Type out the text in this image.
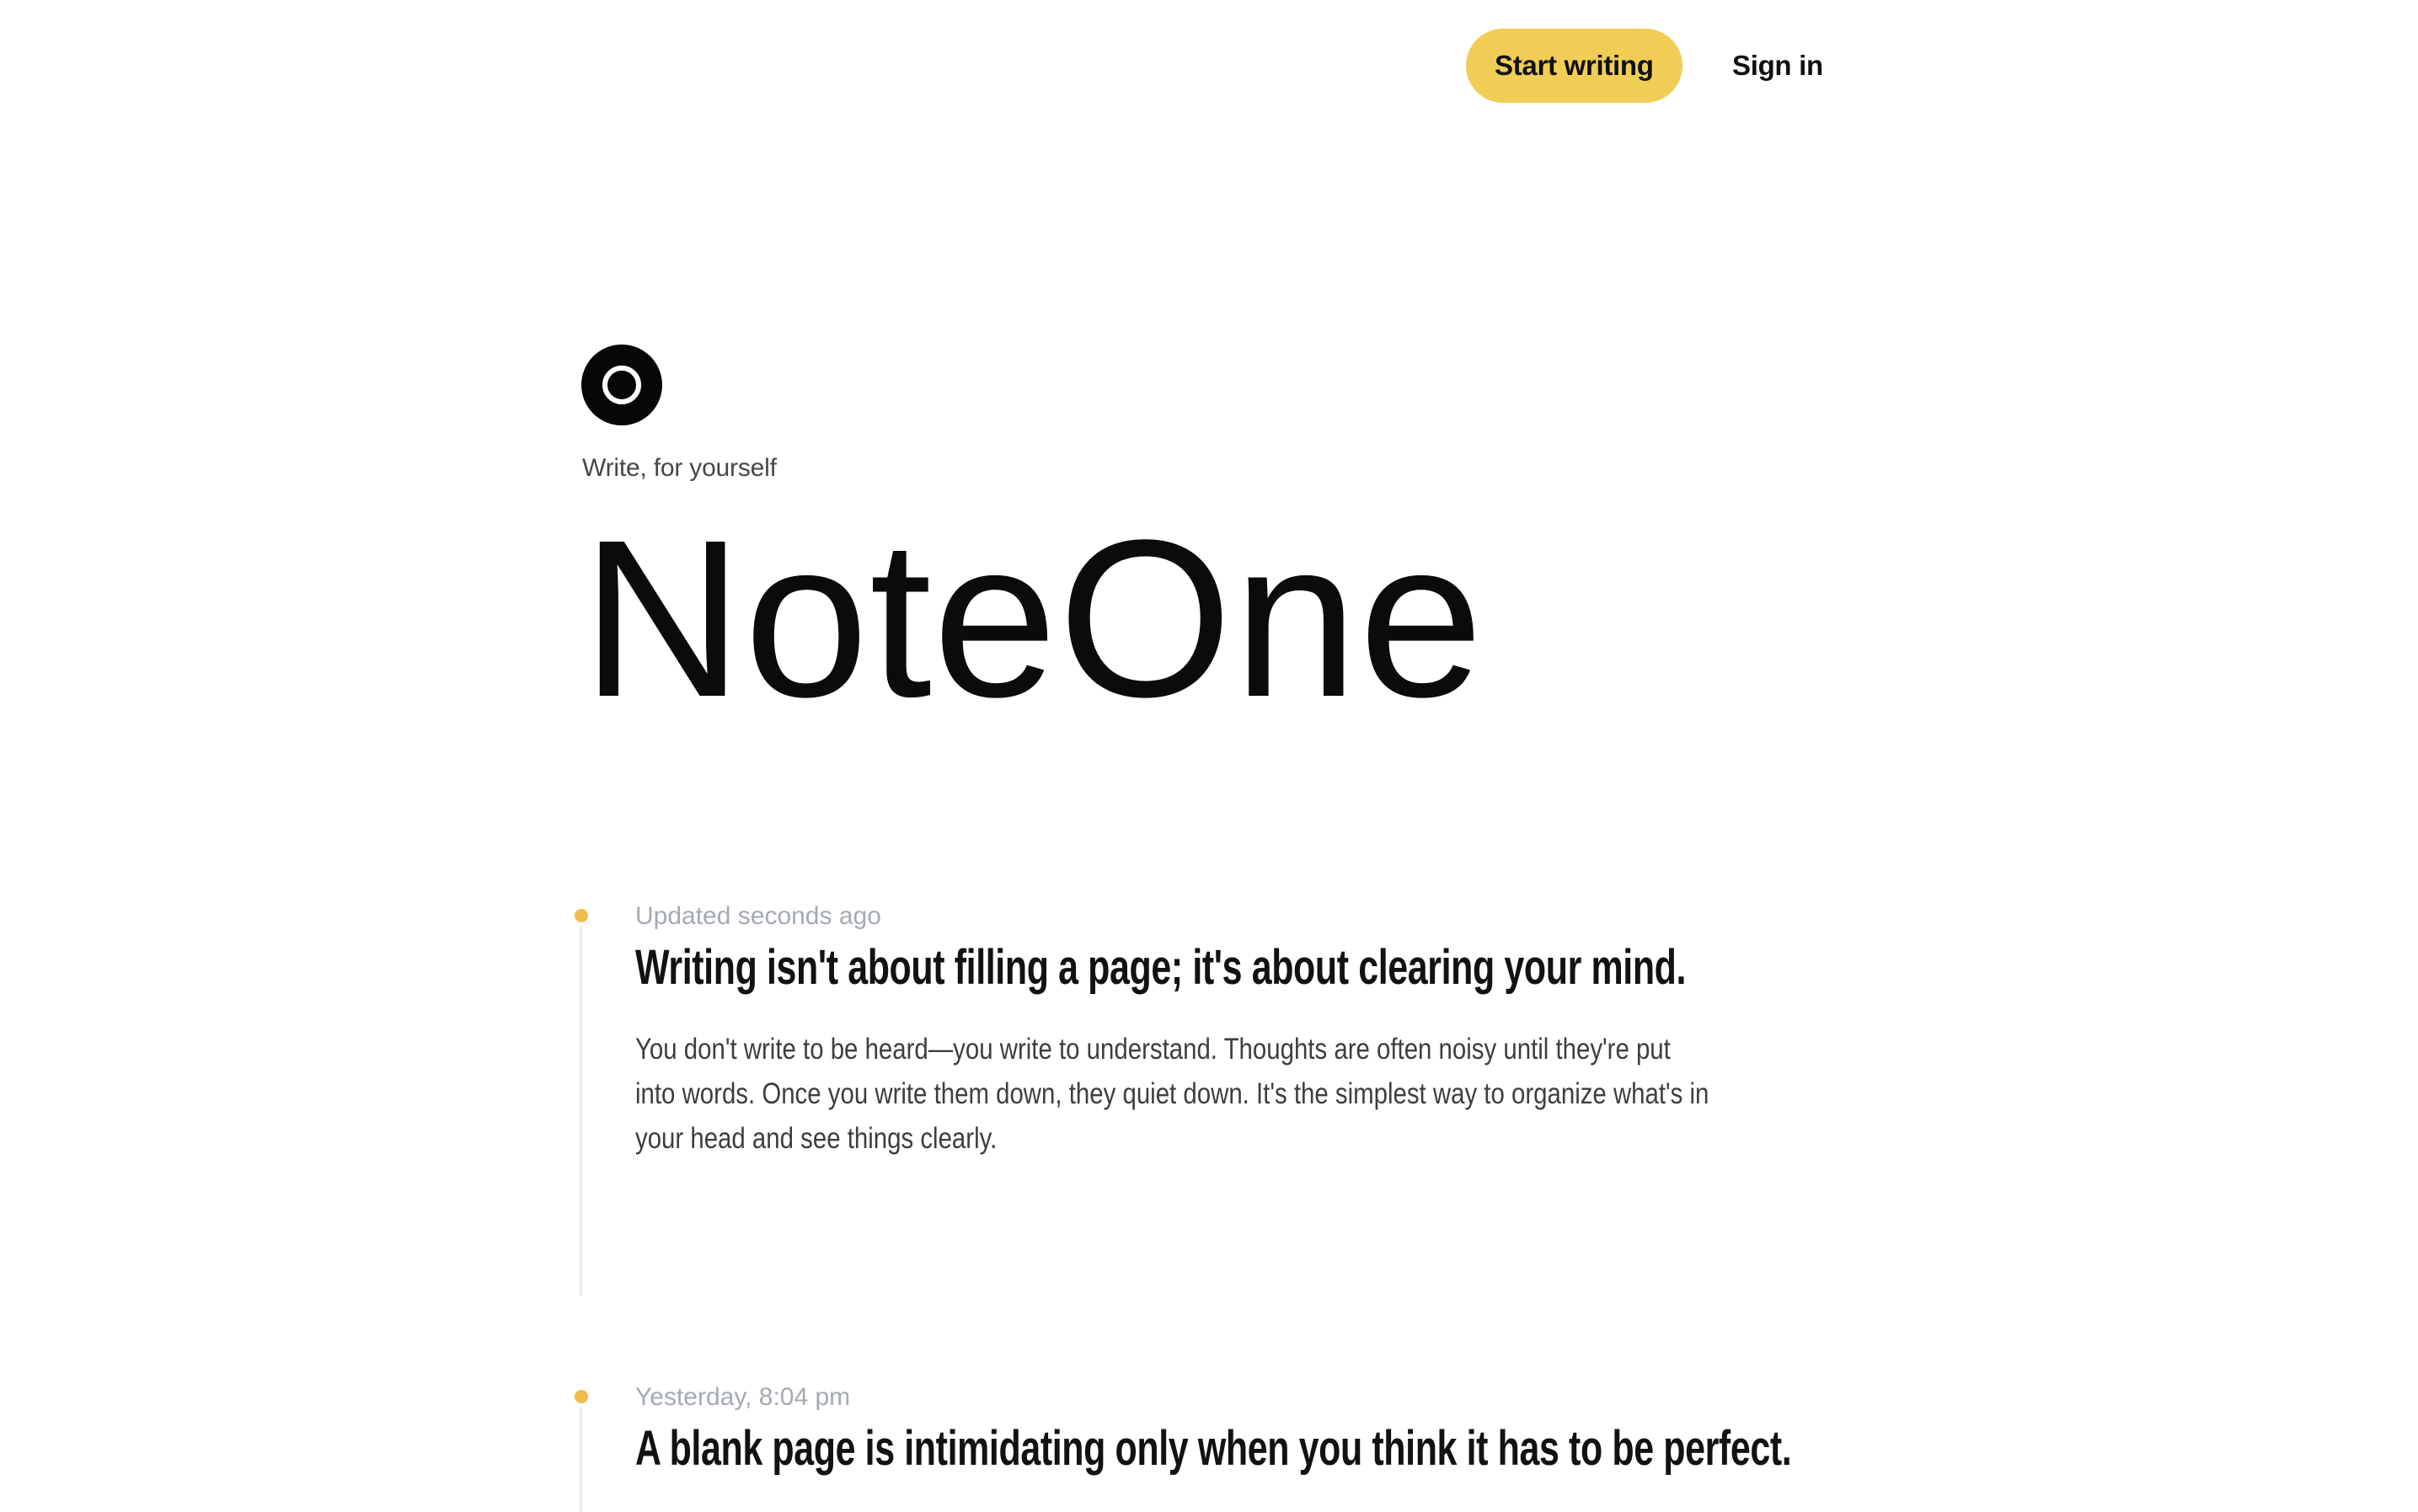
Start writing	Sign in
Write, for yourself
NoteOne
Updated seconds ago
Writing isn't about filling a page; it's about clearing your mind.
You don't write to be heard—you write to understand. Thoughts are often noisy until they're put
into words. Once you write them down, they quiet down. It's the simplest way to organize what's in
your head and see things clearly.
Yesterday, 8:04 pm
A blank page is intimidating only when you think it has to be perfect.
